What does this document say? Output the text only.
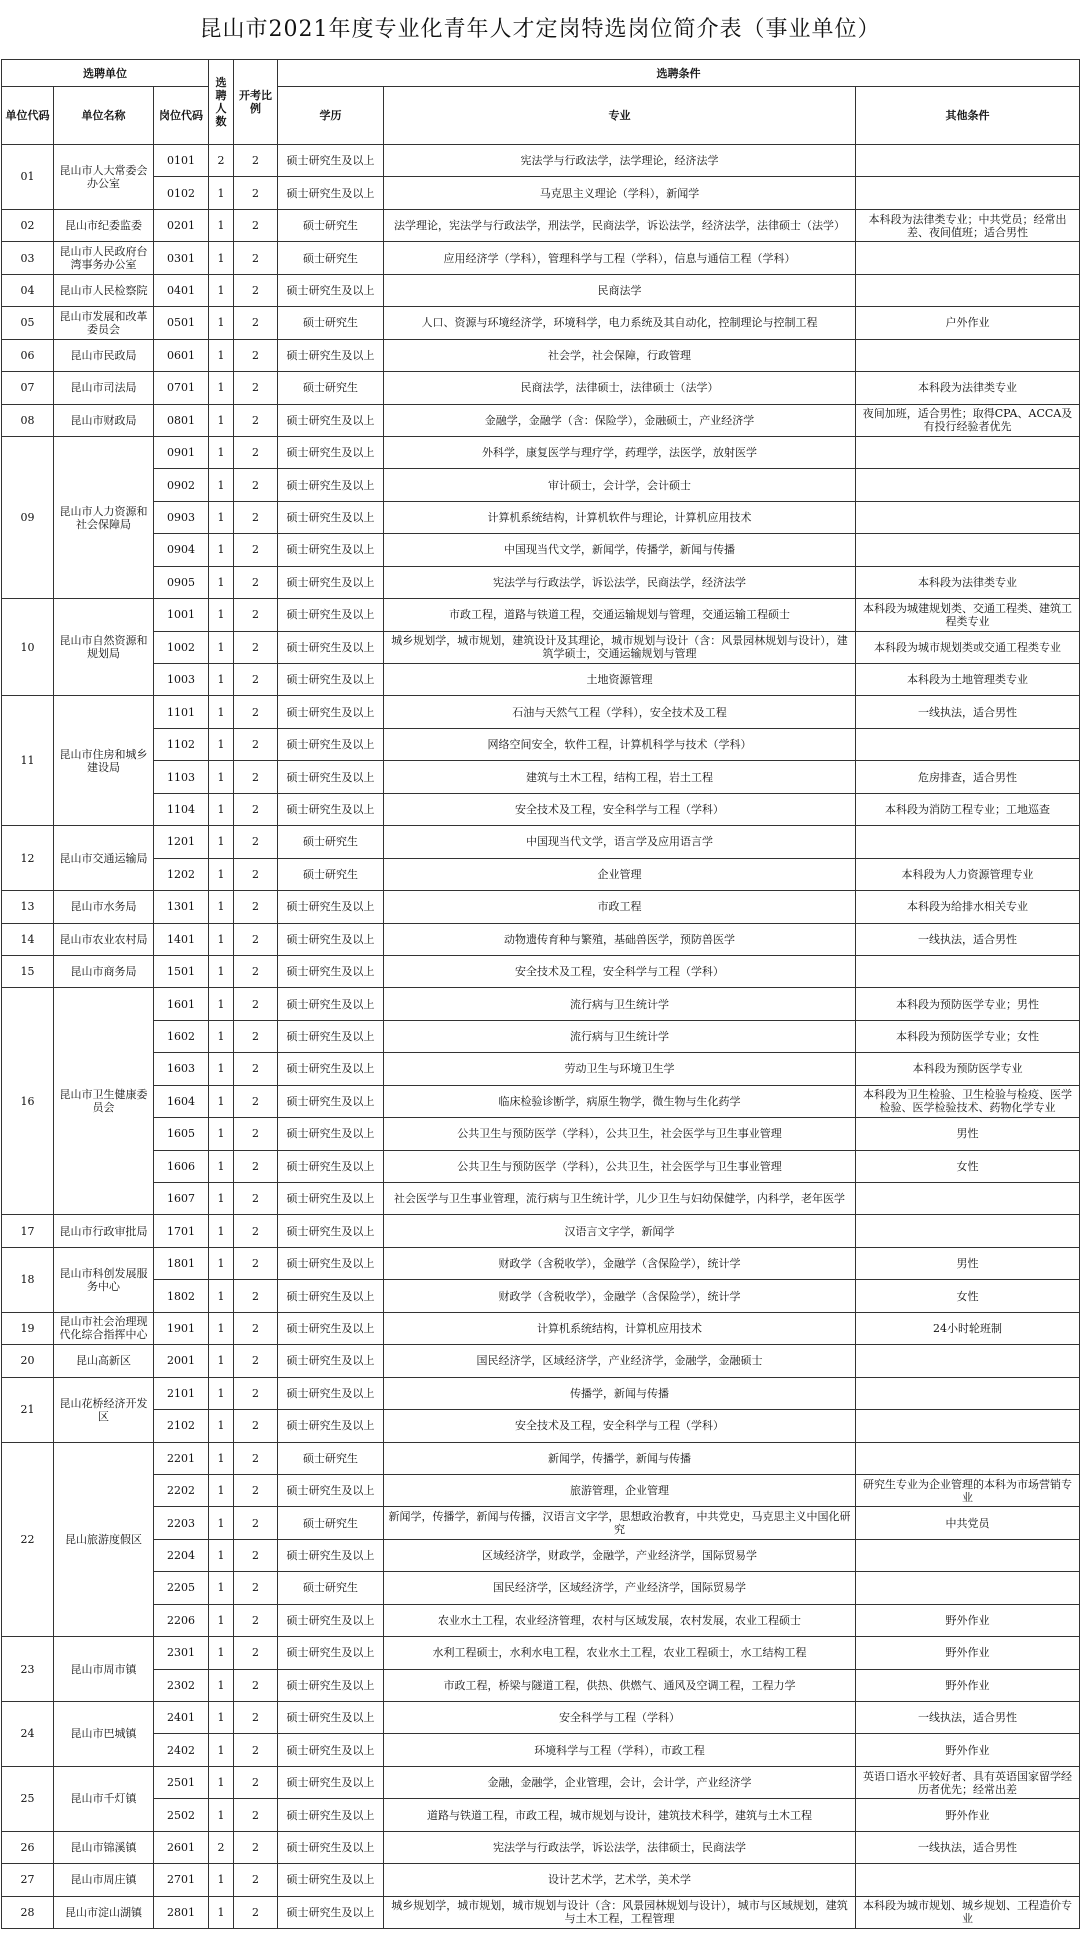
昆山市2021年度专业化青年人才定岗特选岗位简介表（事业单位）
选聘单位			选聘人数	开考比例	选聘条件		
单位代码	单位名称	岗位代码			学历	专业	其他条件
01	昆山市人大常委会办公室	0101	2	2	硕士研究生及以上	宪法学与行政法学，法学理论，经济法学	
		0102	1	2	硕士研究生及以上	马克思主义理论（学科），新闻学	
02	昆山市纪委监委	0201	1	2	硕士研究生	法学理论，宪法学与行政法学，刑法学，民商法学，诉讼法学，经济法学，法律硕士（法学）	本科段为法律类专业；中共党员；经常出差、夜间值班；适合男性
03	昆山市人民政府台湾事务办公室	0301	1	2	硕士研究生	应用经济学（学科），管理科学与工程（学科），信息与通信工程（学科）	
04	昆山市人民检察院	0401	1	2	硕士研究生及以上	民商法学	
05	昆山市发展和改革委员会	0501	1	2	硕士研究生	人口、资源与环境经济学，环境科学，电力系统及其自动化，控制理论与控制工程	户外作业
06	昆山市民政局	0601	1	2	硕士研究生及以上	社会学，社会保障，行政管理	
07	昆山市司法局	0701	1	2	硕士研究生	民商法学，法律硕士，法律硕士（法学）	本科段为法律类专业
08	昆山市财政局	0801	1	2	硕士研究生及以上	金融学，金融学（含：保险学），金融硕士，产业经济学	夜间加班，适合男性；取得CPA、ACCA及有投行经验者优先
09	昆山市人力资源和社会保障局	0901	1	2	硕士研究生及以上	外科学，康复医学与理疗学，药理学，法医学，放射医学	
		0902	1	2	硕士研究生及以上	审计硕士，会计学，会计硕士	
		0903	1	2	硕士研究生及以上	计算机系统结构，计算机软件与理论，计算机应用技术	
		0904	1	2	硕士研究生及以上	中国现当代文学，新闻学，传播学，新闻与传播	
		0905	1	2	硕士研究生及以上	宪法学与行政法学，诉讼法学，民商法学，经济法学	本科段为法律类专业
10	昆山市自然资源和规划局	1001	1	2	硕士研究生及以上	市政工程，道路与铁道工程，交通运输规划与管理，交通运输工程硕士	本科段为城建规划类、交通工程类、建筑工程类专业
		1002	1	2	硕士研究生及以上	城乡规划学，城市规划，建筑设计及其理论，城市规划与设计（含：风景园林规划与设计），建筑学硕士，交通运输规划与管理	本科段为城市规划类或交通工程类专业
		1003	1	2	硕士研究生及以上	土地资源管理	本科段为土地管理类专业
11	昆山市住房和城乡建设局	1101	1	2	硕士研究生及以上	石油与天然气工程（学科），安全技术及工程	一线执法，适合男性
		1102	1	2	硕士研究生及以上	网络空间安全，软件工程，计算机科学与技术（学科）	
		1103	1	2	硕士研究生及以上	建筑与土木工程，结构工程，岩土工程	危房排查，适合男性
		1104	1	2	硕士研究生及以上	安全技术及工程，安全科学与工程（学科）	本科段为消防工程专业；工地巡查
12	昆山市交通运输局	1201	1	2	硕士研究生	中国现当代文学，语言学及应用语言学	
		1202	1	2	硕士研究生	企业管理	本科段为人力资源管理专业
13	昆山市水务局	1301	1	2	硕士研究生及以上	市政工程	本科段为给排水相关专业
14	昆山市农业农村局	1401	1	2	硕士研究生及以上	动物遗传育种与繁殖，基础兽医学，预防兽医学	一线执法，适合男性
15	昆山市商务局	1501	1	2	硕士研究生及以上	安全技术及工程，安全科学与工程（学科）	
16	昆山市卫生健康委员会	1601	1	2	硕士研究生及以上	流行病与卫生统计学	本科段为预防医学专业；男性
		1602	1	2	硕士研究生及以上	流行病与卫生统计学	本科段为预防医学专业；女性
		1603	1	2	硕士研究生及以上	劳动卫生与环境卫生学	本科段为预防医学专业
		1604	1	2	硕士研究生及以上	临床检验诊断学，病原生物学，微生物与生化药学	本科段为卫生检验、卫生检验与检疫、医学检验、医学检验技术、药物化学专业
		1605	1	2	硕士研究生及以上	公共卫生与预防医学（学科），公共卫生，社会医学与卫生事业管理	男性
		1606	1	2	硕士研究生及以上	公共卫生与预防医学（学科），公共卫生，社会医学与卫生事业管理	女性
		1607	1	2	硕士研究生及以上	社会医学与卫生事业管理，流行病与卫生统计学，儿少卫生与妇幼保健学，内科学，老年医学	
17	昆山市行政审批局	1701	1	2	硕士研究生及以上	汉语言文字学，新闻学	
18	昆山市科创发展服务中心	1801	1	2	硕士研究生及以上	财政学（含税收学），金融学（含保险学），统计学	男性
		1802	1	2	硕士研究生及以上	财政学（含税收学），金融学（含保险学），统计学	女性
19	昆山市社会治理现代化综合指挥中心	1901	1	2	硕士研究生及以上	计算机系统结构，计算机应用技术	24小时轮班制
20	昆山高新区	2001	1	2	硕士研究生及以上	国民经济学，区域经济学，产业经济学，金融学，金融硕士	
21	昆山花桥经济开发区	2101	1	2	硕士研究生及以上	传播学，新闻与传播	
		2102	1	2	硕士研究生及以上	安全技术及工程，安全科学与工程（学科）	
22	昆山旅游度假区	2201	1	2	硕士研究生	新闻学，传播学，新闻与传播	
		2202	1	2	硕士研究生及以上	旅游管理，企业管理	研究生专业为企业管理的本科为市场营销专业
		2203	1	2	硕士研究生	新闻学，传播学，新闻与传播，汉语言文字学，思想政治教育，中共党史，马克思主义中国化研究	中共党员
		2204	1	2	硕士研究生及以上	区域经济学，财政学，金融学，产业经济学，国际贸易学	
		2205	1	2	硕士研究生	国民经济学，区域经济学，产业经济学，国际贸易学	
		2206	1	2	硕士研究生及以上	农业水土工程，农业经济管理，农村与区域发展，农村发展，农业工程硕士	野外作业
23	昆山市周市镇	2301	1	2	硕士研究生及以上	水利工程硕士，水利水电工程，农业水土工程，农业工程硕士，水工结构工程	野外作业
		2302	1	2	硕士研究生及以上	市政工程，桥梁与隧道工程，供热、供燃气、通风及空调工程，工程力学	野外作业
24	昆山市巴城镇	2401	1	2	硕士研究生及以上	安全科学与工程（学科）	一线执法，适合男性
		2402	1	2	硕士研究生及以上	环境科学与工程（学科），市政工程	野外作业
25	昆山市千灯镇	2501	1	2	硕士研究生及以上	金融，金融学，企业管理，会计，会计学，产业经济学	英语口语水平较好者、具有英语国家留学经历者优先；经常出差
		2502	1	2	硕士研究生及以上	道路与铁道工程，市政工程，城市规划与设计，建筑技术科学，建筑与土木工程	野外作业
26	昆山市锦溪镇	2601	2	2	硕士研究生及以上	宪法学与行政法学，诉讼法学，法律硕士，民商法学	一线执法，适合男性
27	昆山市周庄镇	2701	1	2	硕士研究生及以上	设计艺术学，艺术学，美术学	
28	昆山市淀山湖镇	2801	1	2	硕士研究生及以上	城乡规划学，城市规划，城市规划与设计（含：风景园林规划与设计），城市与区域规划，建筑与土木工程，工程管理	本科段为城市规划、城乡规划、工程造价专业
